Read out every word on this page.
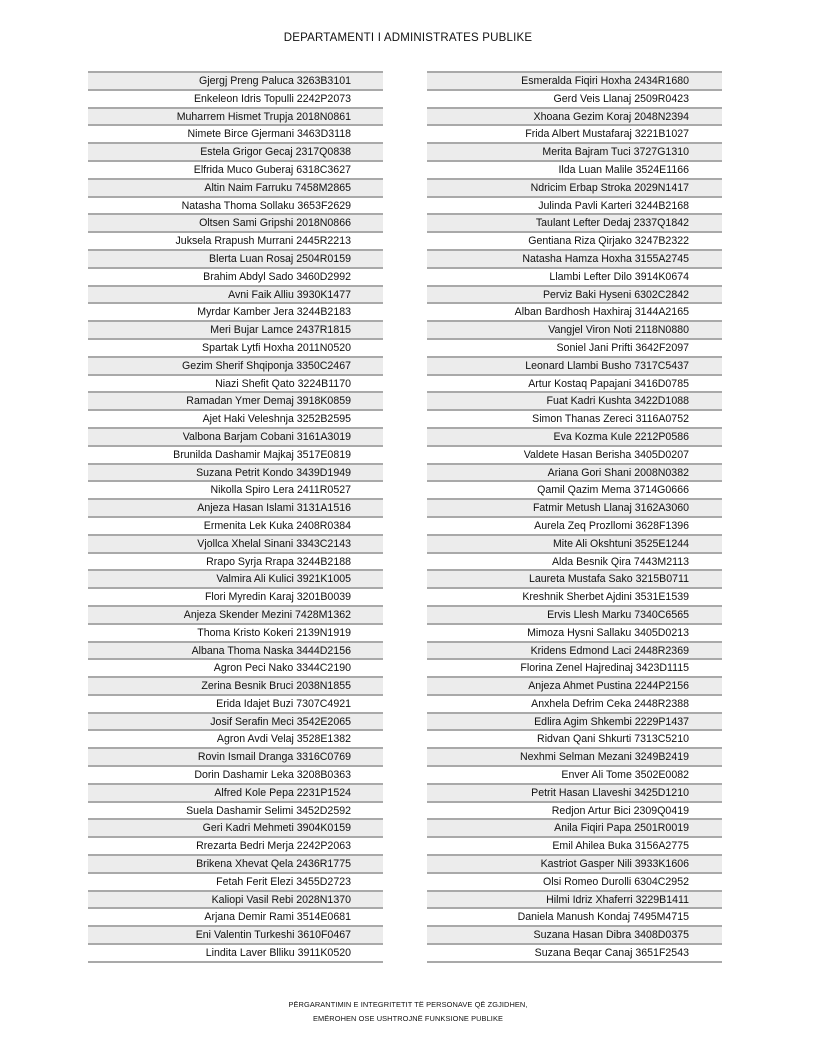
DEPARTAMENTI I ADMINISTRATES PUBLIKE
Gjergj Preng Paluca 3263B3101
Enkeleon Idris Topulli 2242P2073
Muharrem Hismet Trupja 2018N0861
Nimete Birce Gjermani 3463D3118
Estela Grigor Gecaj 2317Q0838
Elfrida Muco Guberaj 6318C3627
Altin Naim Farruku 7458M2865
Natasha Thoma Sollaku 3653F2629
Oltsen Sami Gripshi 2018N0866
Juksela Rrapush Murrani 2445R2213
Blerta Luan Rosaj 2504R0159
Brahim Abdyl Sado 3460D2992
Avni Faik Alliu 3930K1477
Myrdar Kamber Jera 3244B2183
Meri Bujar Lamce 2437R1815
Spartak Lytfi Hoxha 2011N0520
Gezim Sherif Shqiponja 3350C2467
Niazi Shefit Qato 3224B1170
Ramadan Ymer Demaj 3918K0859
Ajet Haki Veleshnja 3252B2595
Valbona Barjam Cobani 3161A3019
Brunilda Dashamir Majkaj 3517E0819
Suzana Petrit Kondo 3439D1949
Nikolla Spiro Lera 2411R0527
Anjeza Hasan Islami 3131A1516
Ermenita Lek Kuka 2408R0384
Vjollca Xhelal Sinani 3343C2143
Rrapo Syrja Rrapa 3244B2188
Valmira Ali Kulici 3921K1005
Flori Myredin Karaj 3201B0039
Anjeza Skender Mezini 7428M1362
Thoma Kristo Kokeri 2139N1919
Albana Thoma Naska 3444D2156
Agron Peci Nako 3344C2190
Zerina Besnik Bruci 2038N1855
Erida Idajet Buzi 7307C4921
Josif Serafin Meci 3542E2065
Agron Avdi Velaj 3528E1382
Rovin Ismail Dranga 3316C0769
Dorin Dashamir Leka 3208B0363
Alfred Kole Pepa 2231P1524
Suela Dashamir Selimi 3452D2592
Geri Kadri Mehmeti 3904K0159
Rrezarta Bedri Merja 2242P2063
Brikena Xhevat Qela 2436R1775
Fetah Ferit Elezi 3455D2723
Kaliopi Vasil Rebi 2028N1370
Arjana Demir Rami 3514E0681
Eni Valentin Turkeshi 3610F0467
Lindita Laver Blliku 3911K0520
Esmeralda Fiqiri Hoxha 2434R1680
Gerd Veis Llanaj 2509R0423
Xhoana Gezim Koraj 2048N2394
Frida Albert Mustafaraj 3221B1027
Merita Bajram Tuci 3727G1310
Ilda Luan Malile 3524E1166
Ndricim Erbap Stroka 2029N1417
Julinda Pavli Karteri 3244B2168
Taulant Lefter Dedaj 2337Q1842
Gentiana Riza Qirjako 3247B2322
Natasha Hamza Hoxha 3155A2745
Llambi Lefter Dilo 3914K0674
Perviz Baki Hyseni 6302C2842
Alban Bardhosh Haxhiraj 3144A2165
Vangjel Viron Noti 2118N0880
Soniel Jani Prifti 3642F2097
Leonard Llambi Busho 7317C5437
Artur Kostaq Papajani 3416D0785
Fuat Kadri Kushta 3422D1088
Simon Thanas Zereci 3116A0752
Eva Kozma Kule 2212P0586
Valdete Hasan Berisha 3405D0207
Ariana Gori Shani 2008N0382
Qamil Qazim Mema 3714G0666
Fatmir Metush Llanaj 3162A3060
Aurela Zeq Prozllomi 3628F1396
Mite Ali Okshtuni 3525E1244
Alda Besnik Qira 7443M2113
Laureta Mustafa Sako 3215B0711
Kreshnik Sherbet Ajdini 3531E1539
Ervis Llesh Marku 7340C6565
Mimoza Hysni Sallaku 3405D0213
Kridens Edmond Laci 2448R2369
Florina Zenel Hajredinaj 3423D1115
Anjeza Ahmet Pustina 2244P2156
Anxhela Defrim Ceka 2448R2388
Edlira Agim Shkembi 2229P1437
Ridvan Qani Shkurti 7313C5210
Nexhmi Selman Mezani 3249B2419
Enver Ali Tome 3502E0082
Petrit Hasan Llaveshi 3425D1210
Redjon Artur Bici 2309Q0419
Anila Fiqiri Papa 2501R0019
Emil Ahilea Buka 3156A2775
Kastriot Gasper Nili 3933K1606
Olsi Romeo Durolli 6304C2952
Hilmi Idriz Xhaferri 3229B1411
Daniela Manush Kondaj 7495M4715
Suzana Hasan Dibra 3408D0375
Suzana Beqar Canaj 3651F2543
PËRGARANTIMIN E INTEGRITETIT TË PERSONAVE QË ZGJIDHEN,
EMËROHEN OSE USHTROJNË FUNKSIONE PUBLIKE
